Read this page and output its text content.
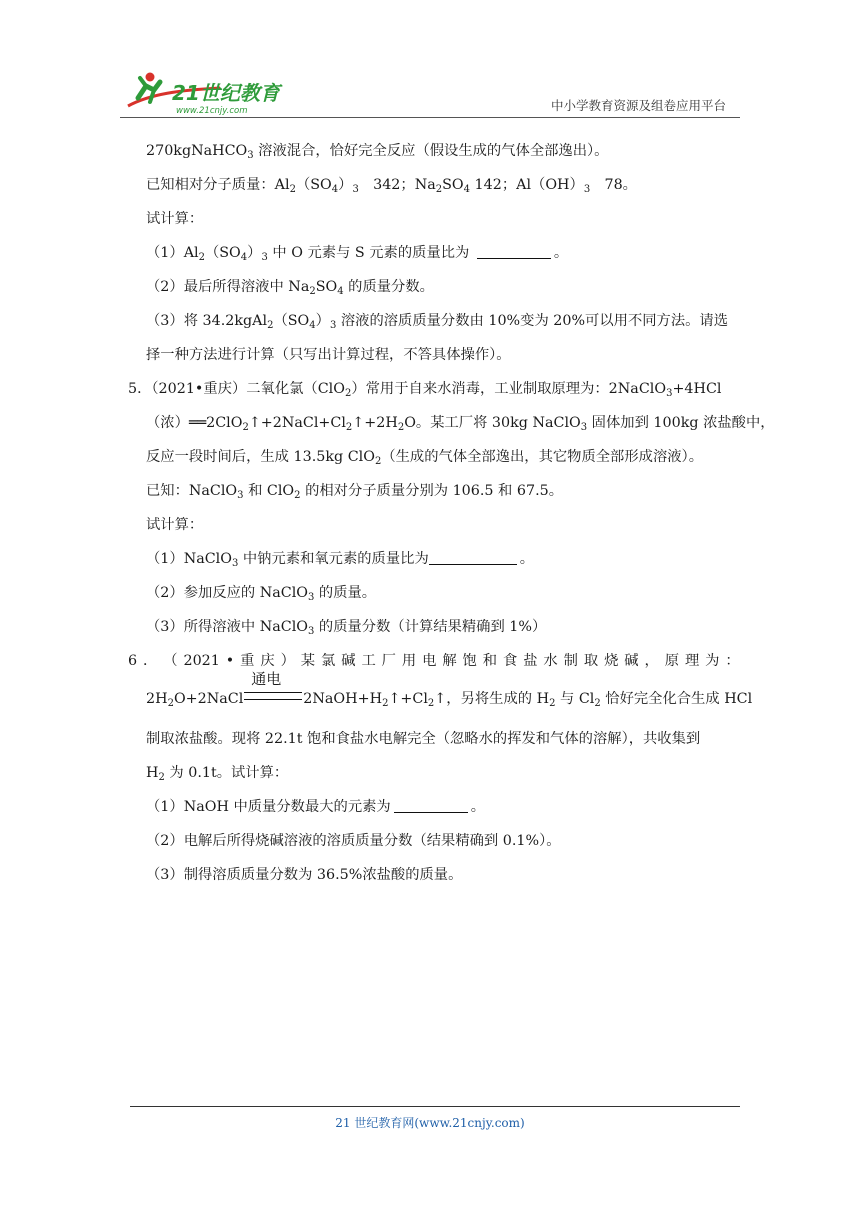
21世纪教育
www.21cnjy.com	中小学教育资源及组卷应用平台
270kgNaHCO$_3$ 溶液混合，恰好完全反应（假设生成的气体全部逸出）。
已知相对分子质量：$Al_2(SO_4)_3$　342；$Na_2SO_4$ 142；$Al(OH)_3$　78。
试计算：
$(1)Al_2(SO_4)_3$ 中 O 元素与 S 元素的质量比为	。
（2）最后所得溶液中 $Na_2SO_4$ 的质量分数。
（3）将 $34.2kgAl_2(SO_4)_3$ 溶液的溶质质量分数由 10%变为 20%可以用不同方法。请选
择一种方法进行计算（只写出计算过程，不答具体操作）。
5．（2021•重庆）二氧化氯（ClO$_2$）常用于自来水消毒，工业制取原理为：2NaClO$_3$+4HCl
（浓）$══2ClO_2↑+2NaCl+Cl_2↑+2H_2O$。某工厂将 30kg NaClO$_3$ 固体加到 100kg 浓盐酸中，
反应一段时间后，生成 13.5kg ClO$_2$（生成的气体全部逸出，其它物质全部形成溶液）。
已知：NaClO$_3$ 和 ClO$_2$ 的相对分子质量分别为 106.5 和 67.5。
试计算：
（1）NaClO$_3$ 中钠元素和氧元素的质量比为	。
（2）参加反应的 NaClO$_3$ 的质量。
（3）所得溶液中 NaClO$_3$ 的质量分数（计算结果精确到 1%）
6 ． （ 2021 • 重 庆 ） 某 氯 碱 工 厂 用 电 解 饱 和 食 盐 水 制 取 烧 碱 ， 原 理 为 ：
$2H_2O+2NaCl$
通电
$2NaOH+H_2↑+Cl_2↑$，另将生成的 $H_2$ 与 $Cl_2$ 恰好完全化合生成 HCl
制取浓盐酸。现将 22.1t 饱和食盐水电解完全（忽略水的挥发和气体的溶解），共收集到
$H_2$ 为 0.1t。试计算：
（1）NaOH 中质量分数最大的元素为	。
（2）电解后所得烧碱溶液的溶质质量分数（结果精确到 0.1%）。
（3）制得溶质质量分数为 36.5%浓盐酸的质量。
21 世纪教育网(www.21cnjy.com)
